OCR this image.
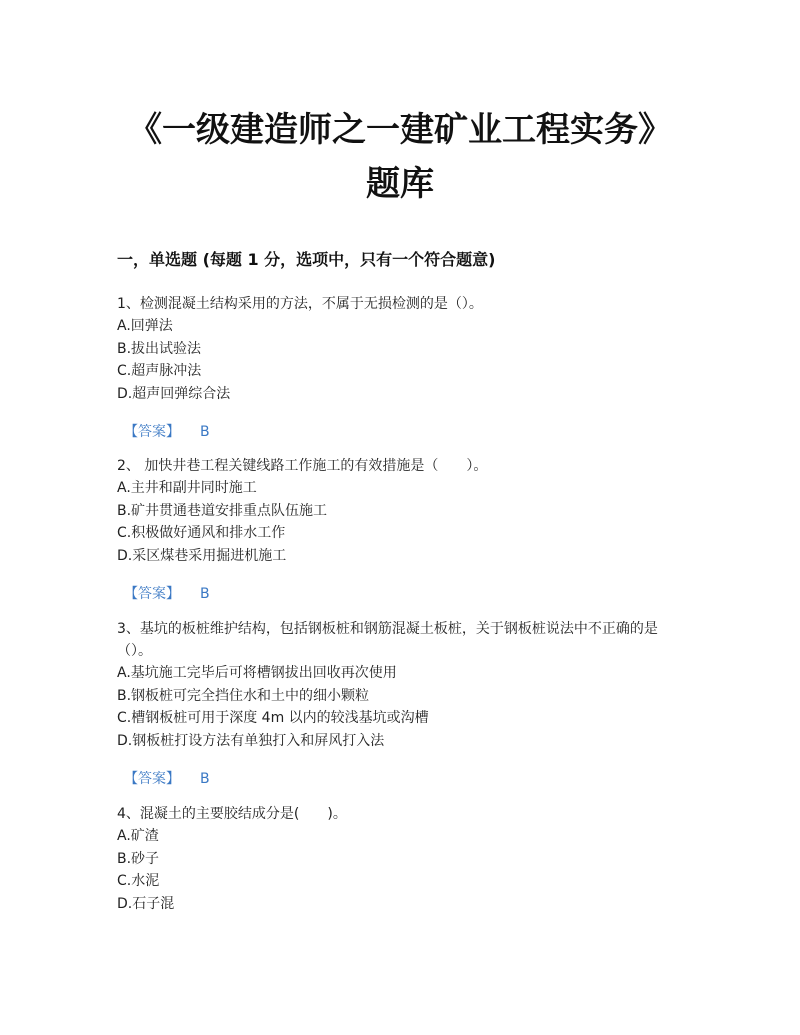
《一级建造师之一建矿业工程实务》
题库
一，单选题 (每题 1 分，选项中，只有一个符合题意)

1、检测混凝土结构采用的方法，不属于无损检测的是（）。

A.回弹法

B.拔出试验法

C.超声脉冲法

D.超声回弹综合法

【答案】 B

2、 加快井巷工程关键线路工作施工的有效措施是（　　）。

A.主井和副井同时施工

B.矿井贯通巷道安排重点队伍施工

C.积极做好通风和排水工作

D.采区煤巷采用掘进机施工

【答案】 B

3、基坑的板桩维护结构，包括钢板桩和钢筋混凝土板桩，关于钢板桩说法中不正确的是（）。

A.基坑施工完毕后可将槽钢拔出回收再次使用

B.钢板桩可完全挡住水和土中的细小颗粒

C.槽钢板桩可用于深度 4m 以内的较浅基坑或沟槽

D.钢板桩打设方法有单独打入和屏风打入法

【答案】 B

4、混凝土的主要胶结成分是(　　)。

A.矿渣

B.砂子

C.水泥

D.石子混
